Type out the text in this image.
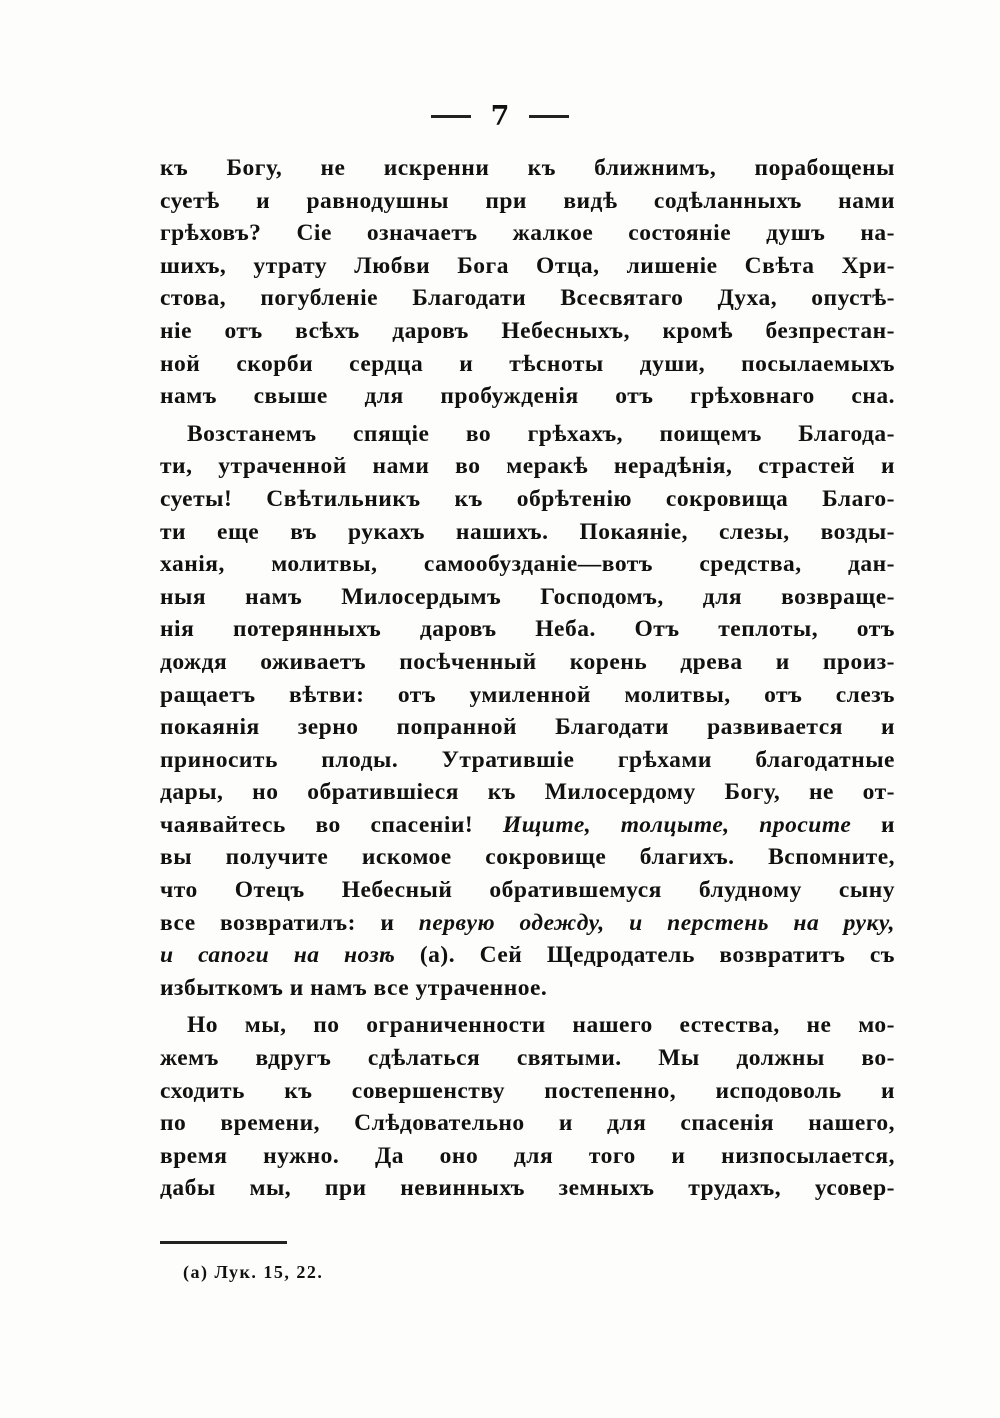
7
къ Богу, не искренни къ ближнимъ, порабощены
суетѣ и равнодушны при видѣ содѣланныхъ нами
грѣховъ? Сіе означаетъ жалкое состояніе душъ на-
шихъ, утрату Любви Бога Отца, лишеніе Свѣта Хри-
стова, погубленіе Благодати Всесвятаго Духа, опустѣ-
ніе отъ всѣхъ даровъ Небесныхъ, кромѣ безпрестан-
ной скорби сердца и тѣсноты души, посылаемыхъ
намъ свыше для пробужденія отъ грѣховнаго сна.
Возстанемъ спящіе во грѣхахъ, поищемъ Благода-
ти, утраченной нами во меракѣ нерадѣнія, страстей и
суеты! Свѣтильникъ къ обрѣтенію сокровища Благо-
ти еще въ рукахъ нашихъ. Покаяніе, слезы, возды-
ханія, молитвы, самообузданіе—вотъ средства, дан-
ныя намъ Милосердымъ Господомъ, для возвраще-
нія потерянныхъ даровъ Неба. Отъ теплоты, отъ
дождя оживаетъ посѣченный корень древа и произ-
ращаетъ вѣтви: отъ умиленной молитвы, отъ слезъ
покаянія зерно попранной Благодати развивается и
приносить плоды. Утратившіе грѣхами благодатные
дары, но обратившіеся къ Милосердому Богу, не от-
чаявайтесь во спасеніи! Ищите, толцыте, просите и
вы получите искомое сокровище благихъ. Вспомните,
что Отецъ Небесный обратившемуся блудному сыну
все возвратилъ: и первую одежду, и перстень на руку,
и сапоги на нозѣ (а). Сей Щедродатель возвратитъ съ
избыткомъ и намъ все утраченное.
Но мы, по ограниченности нашего естества, не мо-
жемъ вдругъ сдѣлаться святыми. Мы должны во-
сходить къ совершенству постепенно, исподоволь и
по времени, Слѣдовательно и для спасенія нашего,
время нужно. Да оно для того и низпосылается,
дабы мы, при невинныхъ земныхъ трудахъ, усовер-
(а) Лук. 15, 22.
